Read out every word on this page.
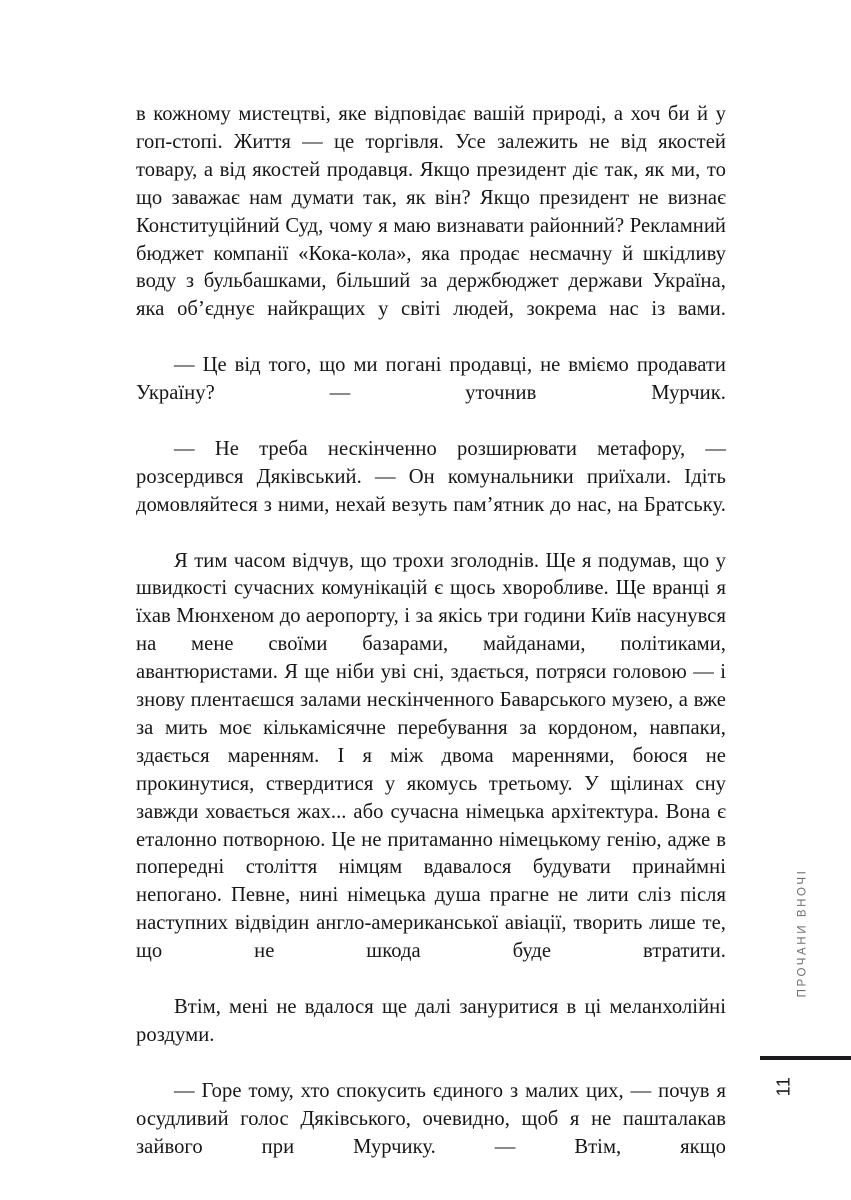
в кожному мистецтві, яке відповідає вашій природі, а хоч би й у гоп-стопі. Життя — це торгівля. Усе залежить не від якостей товару, а від якостей продавця. Якщо президент діє так, як ми, то що заважає нам думати так, як він? Якщо президент не визнає Конституційний Суд, чому я маю визнавати районний? Рекламний бюджет компанії «Кока-кола», яка продає несмачну й шкідливу воду з бульбашками, більший за держбюджет держави Україна, яка об’єднує найкращих у світі людей, зокрема нас із вами.

— Це від того, що ми погані продавці, не вміємо продавати Україну? — уточнив Мурчик.

— Не треба нескінченно розширювати метафору, — розсердився Дяківський. — Он комунальники приїхали. Ідіть домовляйтеся з ними, нехай везуть пам’ятник до нас, на Братську.

Я тим часом відчув, що трохи зголоднів. Ще я подумав, що у швидкості сучасних комунікацій є щось хворобливе. Ще вранці я їхав Мюнхеном до аеропорту, і за якісь три години Київ насунувся на мене своїми базарами, майданами, політиками, авантюристами. Я ще ніби уві сні, здається, потряси головою — і знову плентаєшся залами нескінченного Баварського музею, а вже за мить моє кількамісячне перебування за кордоном, навпаки, здається маренням. І я між двома мареннями, боюся не прокинутися, ствердитися у якомусь третьому. У щілинах сну завжди ховається жах... або сучасна німецька архітектура. Вона є еталонно потворною. Це не притаманно німецькому генію, адже в попередні століття німцям вдавалося будувати принаймні непогано. Певне, нині німецька душа прагне не лити сліз після наступних відвідин англо-американської авіації, творить лише те, що не шкода буде втратити.

Втім, мені не вдалося ще далі зануритися в ці меланхолійні роздуми.

— Горе тому, хто спокусить єдиного з малих цих, — почув я осудливий голос Дяківського, очевидно, щоб я не пашталакав зайвого при Мурчику. — Втім, якщо

ПРОЧАНИ ВНОЧІ
11
